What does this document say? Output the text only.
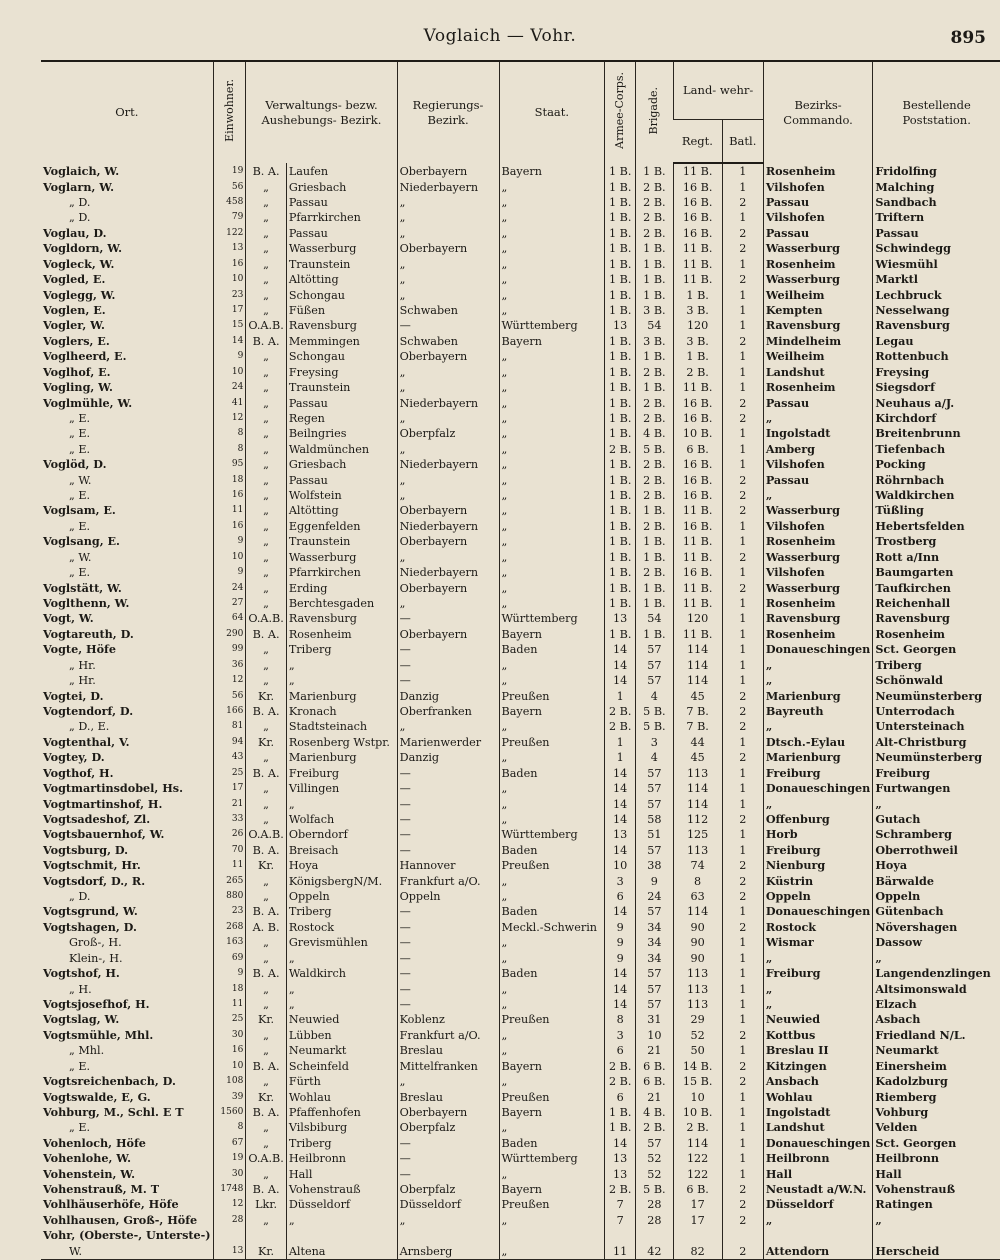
Voglaich — Vohr.	895
Ort.	Einwohner.	Verwaltungs- bezw. Aushebungs- Bezirk.		Regierungs- Bezirk.	Staat.	Armee-Corps.	Brigade.	Land- wehr-		Bezirks- Commando.	Bestellende Poststation.
								Regt.	Batl.		
Voglaich, W.	19	B. A.	Laufen	Oberbayern	Bayern	1 B.	1 B.	11 B.	1	Rosenheim	Fridolfing
Voglarn, W.	56	„	Griesbach	Niederbayern	„	1 B.	2 B.	16 B.	1	Vilshofen	Malching
„ D.	458	„	Passau	„	„	1 B.	2 B.	16 B.	2	Passau	Sandbach
„ D.	79	„	Pfarrkirchen	„	„	1 B.	2 B.	16 B.	1	Vilshofen	Triftern
Voglau, D.	122	„	Passau	„	„	1 B.	2 B.	16 B.	2	Passau	Passau
Vogldorn, W.	13	„	Wasserburg	Oberbayern	„	1 B.	1 B.	11 B.	2	Wasserburg	Schwindegg
Vogleck, W.	16	„	Traunstein	„	„	1 B.	1 B.	11 B.	1	Rosenheim	Wiesmühl
Vogled, E.	10	„	Altötting	„	„	1 B.	1 B.	11 B.	2	Wasserburg	Marktl
Voglegg, W.	23	„	Schongau	„	„	1 B.	1 B.	1 B.	1	Weilheim	Lechbruck
Voglen, E.	17	„	Füßen	Schwaben	„	1 B.	3 B.	3 B.	1	Kempten	Nesselwang
Vogler, W.	15	O.A.B.	Ravensburg	—	Württemberg	13	54	120	1	Ravensburg	Ravensburg
Voglers, E.	14	B. A.	Memmingen	Schwaben	Bayern	1 B.	3 B.	3 B.	2	Mindelheim	Legau
Voglheerd, E.	9	„	Schongau	Oberbayern	„	1 B.	1 B.	1 B.	1	Weilheim	Rottenbuch
Voglhof, E.	10	„	Freysing	„	„	1 B.	2 B.	2 B.	1	Landshut	Freysing
Vogling, W.	24	„	Traunstein	„	„	1 B.	1 B.	11 B.	1	Rosenheim	Siegsdorf
Voglmühle, W.	41	„	Passau	Niederbayern	„	1 B.	2 B.	16 B.	2	Passau	Neuhaus a/J.
„ E.	12	„	Regen	„	„	1 B.	2 B.	16 B.	2	„	Kirchdorf
„ E.	8	„	Beilngries	Oberpfalz	„	1 B.	4 B.	10 B.	1	Ingolstadt	Breitenbrunn
„ E.	8	„	Waldmünchen	„	„	2 B.	5 B.	6 B.	1	Amberg	Tiefenbach
Voglöd, D.	95	„	Griesbach	Niederbayern	„	1 B.	2 B.	16 B.	1	Vilshofen	Pocking
„ W.	18	„	Passau	„	„	1 B.	2 B.	16 B.	2	Passau	Röhrnbach
„ E.	16	„	Wolfstein	„	„	1 B.	2 B.	16 B.	2	„	Waldkirchen
Voglsam, E.	11	„	Altötting	Oberbayern	„	1 B.	1 B.	11 B.	2	Wasserburg	Tüßling
„ E.	16	„	Eggenfelden	Niederbayern	„	1 B.	2 B.	16 B.	1	Vilshofen	Hebertsfelden
Voglsang, E.	9	„	Traunstein	Oberbayern	„	1 B.	1 B.	11 B.	1	Rosenheim	Trostberg
„ W.	10	„	Wasserburg	„	„	1 B.	1 B.	11 B.	2	Wasserburg	Rott a/Inn
„ E.	9	„	Pfarrkirchen	Niederbayern	„	1 B.	2 B.	16 B.	1	Vilshofen	Baumgarten
Voglstätt, W.	24	„	Erding	Oberbayern	„	1 B.	1 B.	11 B.	2	Wasserburg	Taufkirchen
Voglthenn, W.	27	„	Berchtesgaden	„	„	1 B.	1 B.	11 B.	1	Rosenheim	Reichenhall
Vogt, W.	64	O.A.B.	Ravensburg	—	Württemberg	13	54	120	1	Ravensburg	Ravensburg
Vogtareuth, D.	290	B. A.	Rosenheim	Oberbayern	Bayern	1 B.	1 B.	11 B.	1	Rosenheim	Rosenheim
Vogte, Höfe	99	„	Triberg	—	Baden	14	57	114	1	Donaueschingen	Sct. Georgen
„ Hr.	36	„	„	—	„	14	57	114	1	„	Triberg
„ Hr.	12	„	„	—	„	14	57	114	1	„	Schönwald
Vogtei, D.	56	Kr.	Marienburg	Danzig	Preußen	1	4	45	2	Marienburg	Neumünsterberg
Vogtendorf, D.	166	B. A.	Kronach	Oberfranken	Bayern	2 B.	5 B.	7 B.	2	Bayreuth	Unterrodach
„ D., E.	81	„	Stadtsteinach	„	„	2 B.	5 B.	7 B.	2	„	Untersteinach
Vogtenthal, V.	94	Kr.	Rosenberg Wstpr.	Marienwerder	Preußen	1	3	44	1	Dtsch.-Eylau	Alt-Christburg
Vogtey, D.	43	„	Marienburg	Danzig	„	1	4	45	2	Marienburg	Neumünsterberg
Vogthof, H.	25	B. A.	Freiburg	—	Baden	14	57	113	1	Freiburg	Freiburg
Vogtmartinsdobel, Hs.	17	„	Villingen	—	„	14	57	114	1	Donaueschingen	Furtwangen
Vogtmartinshof, H.	21	„	„	—	„	14	57	114	1	„	„
Vogtsadeshof, Zl.	33	„	Wolfach	—	„	14	58	112	2	Offenburg	Gutach
Vogtsbauernhof, W.	26	O.A.B.	Oberndorf	—	Württemberg	13	51	125	1	Horb	Schramberg
Vogtsburg, D.	70	B. A.	Breisach	—	Baden	14	57	113	1	Freiburg	Oberrothweil
Vogtschmit, Hr.	11	Kr.	Hoya	Hannover	Preußen	10	38	74	2	Nienburg	Hoya
Vogtsdorf, D., R.	265	„	KönigsbergN/M.	Frankfurt a/O.	„	3	9	8	2	Küstrin	Bärwalde
„ D.	880	„	Oppeln	Oppeln	„	6	24	63	2	Oppeln	Oppeln
Vogtsgrund, W.	23	B. A.	Triberg	—	Baden	14	57	114	1	Donaueschingen	Gütenbach
Vogtshagen, D.	268	A. B.	Rostock	—	Meckl.-Schwerin	9	34	90	2	Rostock	Növershagen
Groß-, H.	163	„	Grevismühlen	—	„	9	34	90	1	Wismar	Dassow
Klein-, H.	69	„	„	—	„	9	34	90	1	„	„
Vogtshof, H.	9	B. A.	Waldkirch	—	Baden	14	57	113	1	Freiburg	Langendenzlingen
„ H.	18	„	„	—	„	14	57	113	1	„	Altsimonswald
Vogtsjosefhof, H.	11	„	„	—	„	14	57	113	1	„	Elzach
Vogtslag, W.	25	Kr.	Neuwied	Koblenz	Preußen	8	31	29	1	Neuwied	Asbach
Vogtsmühle, Mhl.	30	„	Lübben	Frankfurt a/O.	„	3	10	52	2	Kottbus	Friedland N/L.
„ Mhl.	16	„	Neumarkt	Breslau	„	6	21	50	1	Breslau II	Neumarkt
„ E.	10	B. A.	Scheinfeld	Mittelfranken	Bayern	2 B.	6 B.	14 B.	2	Kitzingen	Einersheim
Vogtsreichenbach, D.	108	„	Fürth	„	„	2 B.	6 B.	15 B.	2	Ansbach	Kadolzburg
Vogtswalde, E, G.	39	Kr.	Wohlau	Breslau	Preußen	6	21	10	1	Wohlau	Riemberg
Vohburg, M., Schl. E T	1560	B. A.	Pfaffenhofen	Oberbayern	Bayern	1 B.	4 B.	10 B.	1	Ingolstadt	Vohburg
„ E.	8	„	Vilsbiburg	Oberpfalz	„	1 B.	2 B.	2 B.	1	Landshut	Velden
Vohenloch, Höfe	67	„	Triberg	—	Baden	14	57	114	1	Donaueschingen	Sct. Georgen
Vohenlohe, W.	19	O.A.B.	Heilbronn	—	Württemberg	13	52	122	1	Heilbronn	Heilbronn
Vohenstein, W.	30	„	Hall	—	„	13	52	122	1	Hall	Hall
Vohenstrauß, M. T	1748	B. A.	Vohenstrauß	Oberpfalz	Bayern	2 B.	5 B.	6 B.	2	Neustadt a/W.N.	Vohenstrauß
Vohlhäuserhöfe, Höfe	12	Lkr.	Düsseldorf	Düsseldorf	Preußen	7	28	17	2	Düsseldorf	Ratingen
Vohlhausen, Groß-, Höfe	28	„	„	„	„	7	28	17	2	„	„
Vohr, (Oberste-, Unterste-)											
W.	13	Kr.	Altena	Arnsberg	„	11	42	82	2	Attendorn	Herscheid
